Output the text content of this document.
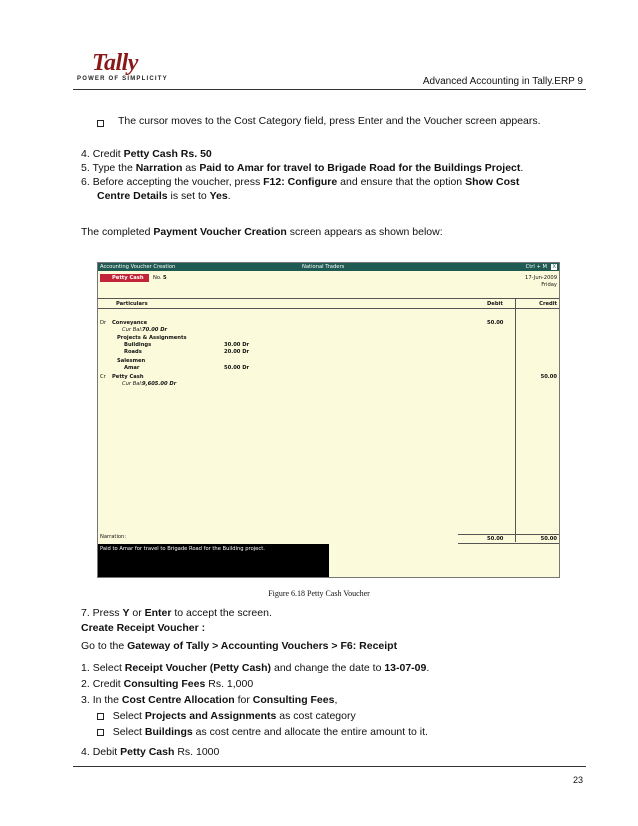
Tally
POWER OF SIMPLICITY	Advanced Accounting in Tally.ERP 9
The cursor moves to the Cost Category field, press Enter and the Voucher screen appears.
4. Credit Petty Cash Rs. 50
5. Type the Narration as Paid to Amar for travel to Brigade Road for the Buildings Project.
6. Before accepting the voucher, press F12: Configure and ensure that the option Show Cost
Centre Details is set to Yes.
The completed Payment Voucher Creation screen appears as shown below:
Accounting Voucher Creation	National Traders	Ctrl + M X
Petty Cash No. 5	17-Jun-2009
Friday
Particulars	Debit	Credit
Dr Conveyance	50.00
Cur Bal: 70.00 Dr
Projects & Assignments
Buildings	30.00 Dr
Roads	20.00 Dr
Salesmen
Amar	50.00 Dr
Cr Petty Cash	50.00
Cur Bal: 9,605.00 Dr
Narration:	50.00	50.00
Paid to Amar for travel to Brigade Road for the Building project.
Figure 6.18 Petty Cash Voucher
7. Press Y or Enter to accept the screen.
Create Receipt Voucher :
Go to the Gateway of Tally > Accounting Vouchers > F6: Receipt
1. Select Receipt Voucher (Petty Cash) and change the date to 13-07-09.
2. Credit Consulting Fees Rs. 1,000
3. In the Cost Centre Allocation for Consulting Fees,
Select Projects and Assignments as cost category
Select Buildings as cost centre and allocate the entire amount to it.
4. Debit Petty Cash Rs. 1000
23
